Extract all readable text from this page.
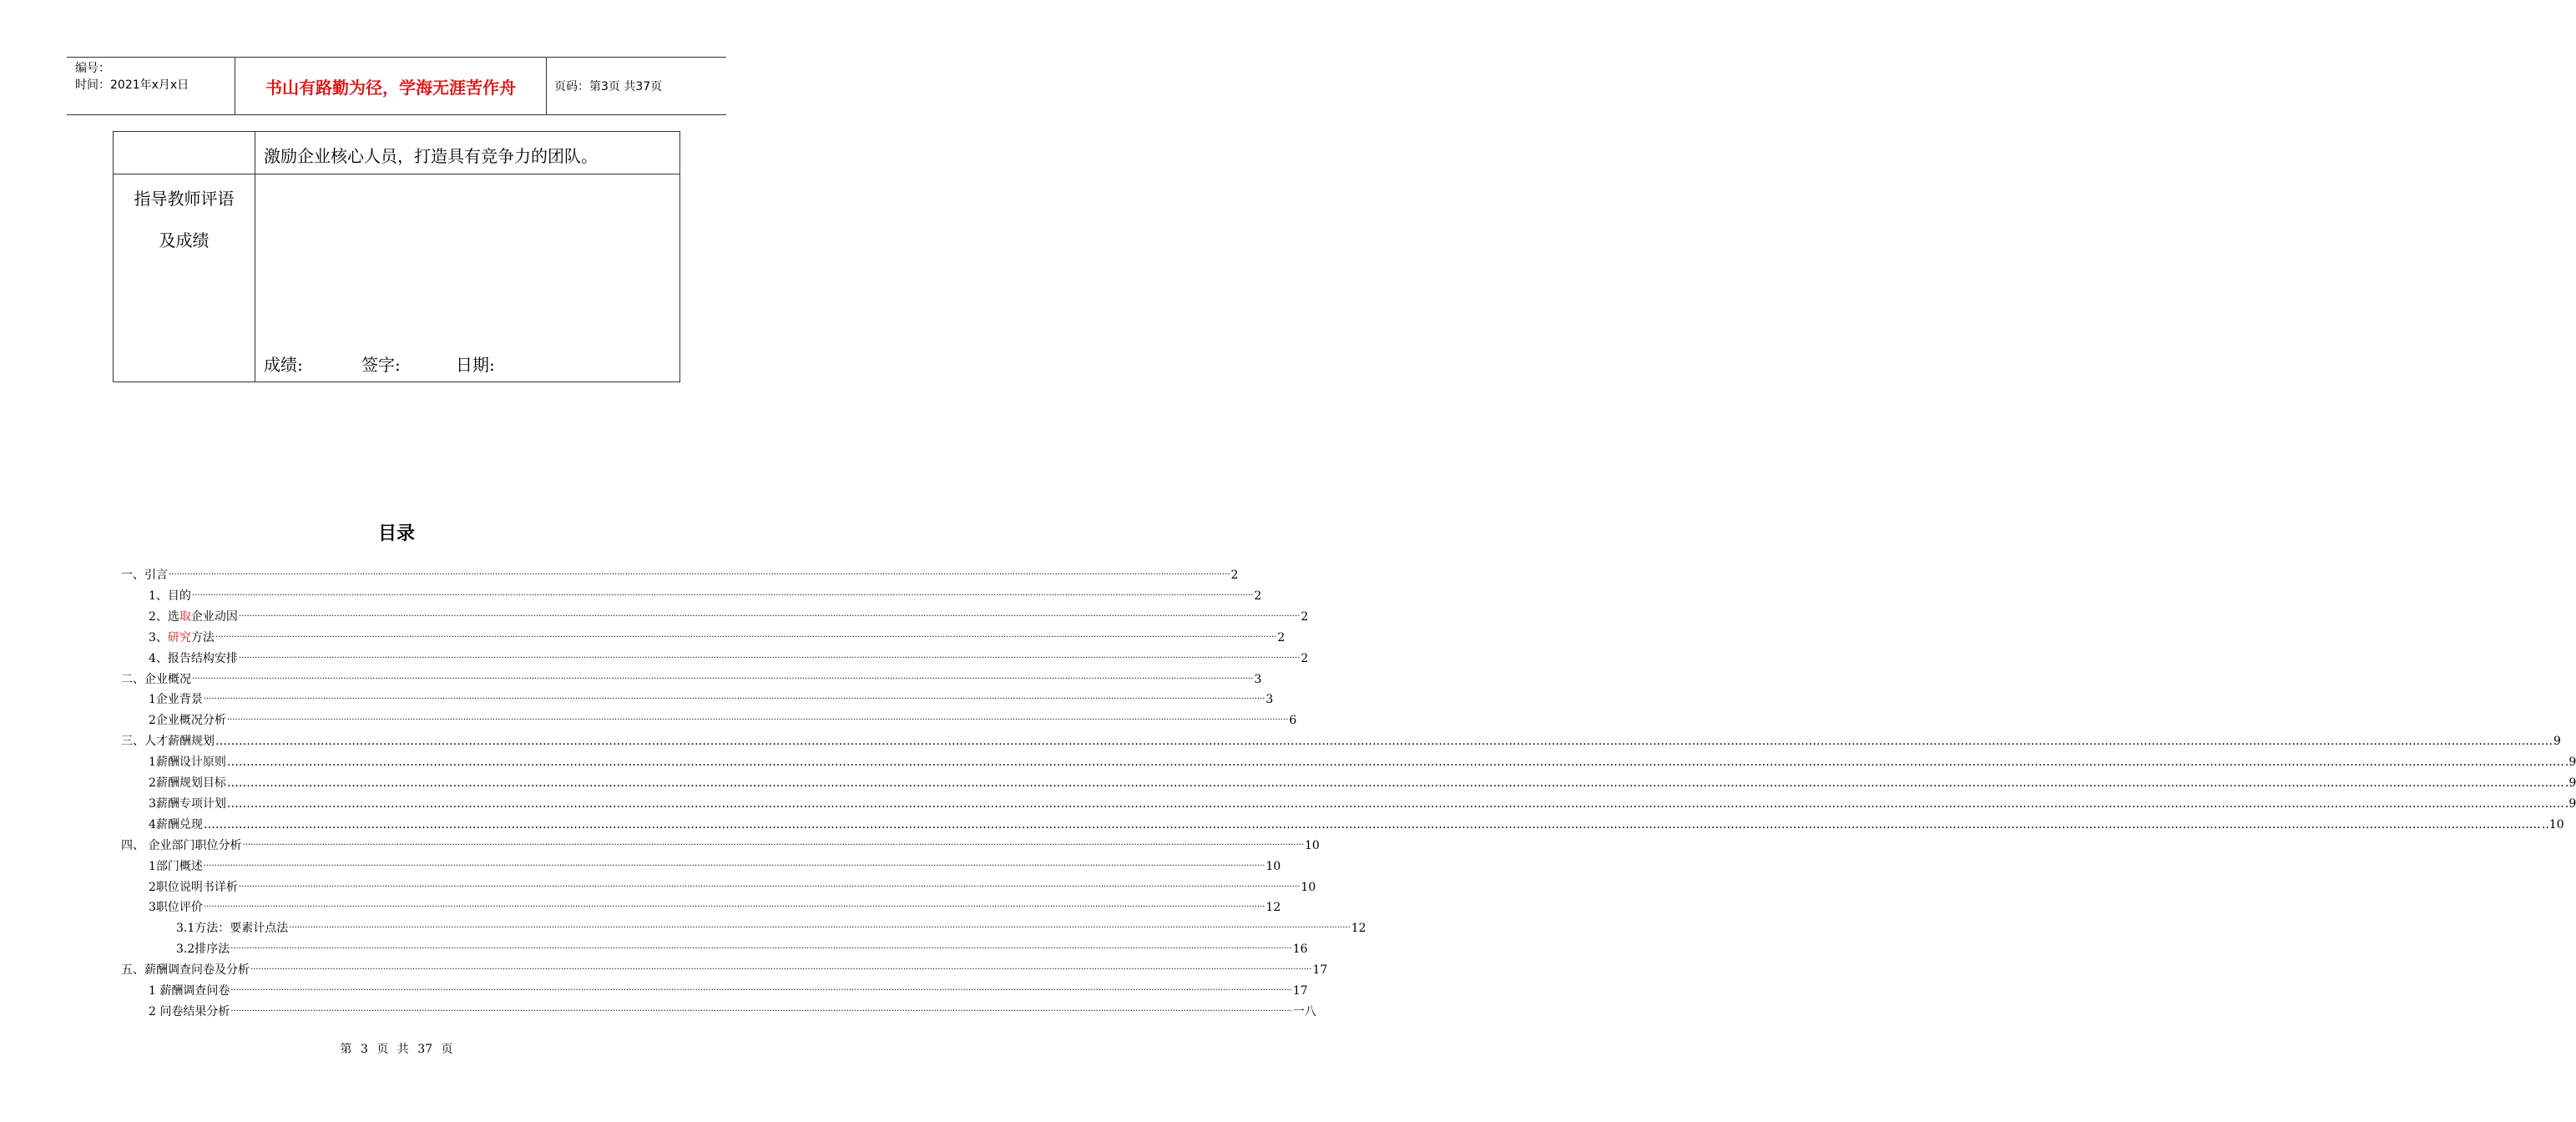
编号：
时间：2021年x月x日	书山有路勤为径，学海无涯苦作舟	页码：第3页 共37页
激励企业核心人员，打造具有竞争力的团队。
指导教师评语
及成绩
成绩:	签字:	日期:
目录
一、引言 ················································································································································································································································································································································································································ 2
1、目的 ················································································································································································································································································································································································································ 2
2、选取企业动因 ················································································································································································································································································································································································································ 2
3、研究方法 ················································································································································································································································································································································································································ 2
4、报告结构安排 ················································································································································································································································································································································································································ 2
二、企业概况 ················································································································································································································································································································································································································ 3
1企业背景 ················································································································································································································································································································································································································ 3
2企业概况分析 ················································································································································································································································································································································································································ 6
三、人才薪酬规划 …………………………………………………………………………………………………………………………………………………………………………………………………………………………………………………………………………………………………………………………………………………………………………………………………………………………………………………………………………………………………………………………………………………… 9
1薪酬设计原则 …………………………………………………………………………………………………………………………………………………………………………………………………………………………………………………………………………………………………………………………………………………………………………………………………………………………………………………………………………………………………………………………………………………… .9
2薪酬规划目标 …………………………………………………………………………………………………………………………………………………………………………………………………………………………………………………………………………………………………………………………………………………………………………………………………………………………………………………………………………………………………………………………………………………… .9
3薪酬专项计划 …………………………………………………………………………………………………………………………………………………………………………………………………………………………………………………………………………………………………………………………………………………………………………………………………………………………………………………………………………………………………………………………………………………… .9
4薪酬兑现 …………………………………………………………………………………………………………………………………………………………………………………………………………………………………………………………………………………………………………………………………………………………………………………………………………………………………………………………………………………………………………………………………………………… ..10
四、 企业部门职位分析 ················································································································································································································································································································································································································ 10
1部门概述 ················································································································································································································································································································································································································ 10
2职位说明书详析 ················································································································································································································································································································································································································ 10
3职位评价 ················································································································································································································································································································································································································ 12
3.1方法：要素计点法 ················································································································································································································································································································································································································ 12
3.2排序法 ················································································································································································································································································································································································································ 16
五、薪酬调查问卷及分析 ················································································································································································································································································································································································································ 17
1 薪酬调查问卷 ················································································································································································································································································································································································································ 17
2 问卷结果分析 ················································································································································································································································································································································································································ 一八
第 3 页 共 37 页
